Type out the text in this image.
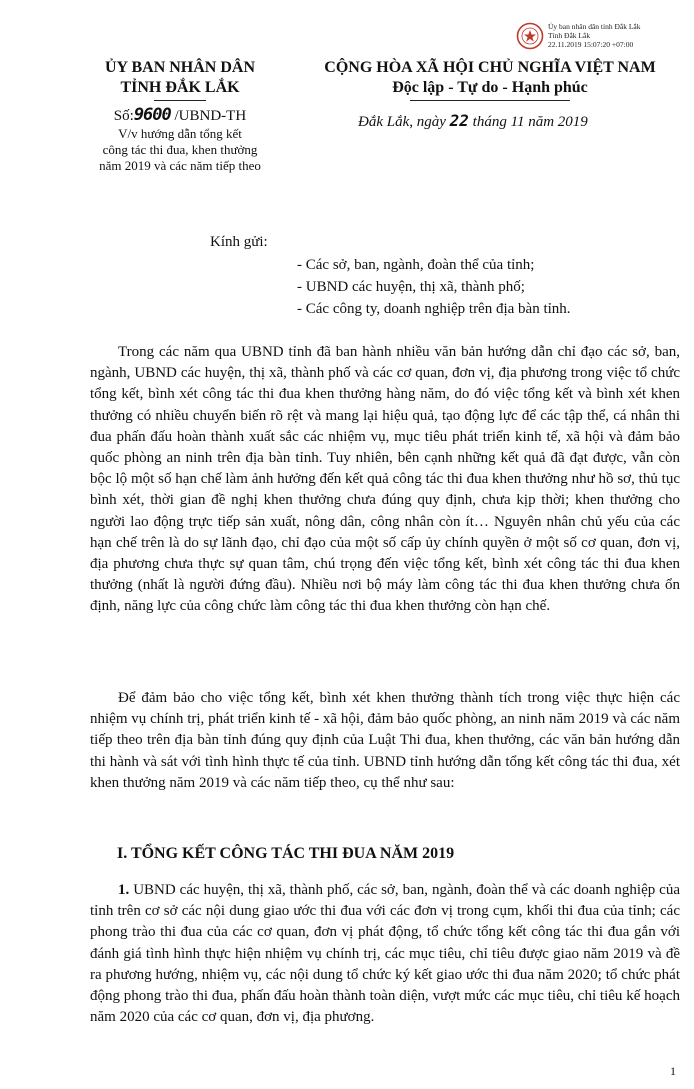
Ủy ban nhân dân tỉnh Đắk Lắk
Tỉnh Đắk Lắk
22.11.2019 15:07:20 +07:00
ỦY BAN NHÂN DÂN
TỈNH ĐẮK LẮK
Số:9600 /UBND-TH
V/v hướng dẫn tổng kết
công tác thi đua, khen thưởng
năm 2019 và các năm tiếp theo
CỘNG HÒA XÃ HỘI CHỦ NGHĨA VIỆT NAM
Độc lập - Tự do - Hạnh phúc
Đắk Lắk, ngày 22 tháng 11 năm 2019
Kính gửi:
- Các sở, ban, ngành, đoàn thể của tỉnh;
- UBND các huyện, thị xã, thành phố;
- Các công ty, doanh nghiệp trên địa bàn tỉnh.
Trong các năm qua UBND tỉnh đã ban hành nhiều văn bản hướng dẫn chỉ đạo các sở, ban, ngành, UBND các huyện, thị xã, thành phố và các cơ quan, đơn vị, địa phương trong việc tổ chức tổng kết, bình xét công tác thi đua khen thưởng hàng năm, do đó việc tổng kết và bình xét khen thưởng có nhiều chuyển biến rõ rệt và mang lại hiệu quả, tạo động lực để các tập thể, cá nhân thi đua phấn đấu hoàn thành xuất sắc các nhiệm vụ, mục tiêu phát triển kinh tế, xã hội và đảm bảo quốc phòng an ninh trên địa bàn tỉnh. Tuy nhiên, bên cạnh những kết quả đã đạt được, vẫn còn bộc lộ một số hạn chế làm ảnh hưởng đến kết quả công tác thi đua khen thưởng như hồ sơ, thủ tục bình xét, thời gian đề nghị khen thưởng chưa đúng quy định, chưa kịp thời; khen thưởng cho người lao động trực tiếp sản xuất, nông dân, công nhân còn ít… Nguyên nhân chủ yếu của các hạn chế trên là do sự lãnh đạo, chỉ đạo của một số cấp ủy chính quyền ở một số cơ quan, đơn vị, địa phương chưa thực sự quan tâm, chú trọng đến việc tổng kết, bình xét công tác thi đua khen thưởng (nhất là người đứng đầu). Nhiều nơi bộ máy làm công tác thi đua khen thưởng chưa ổn định, năng lực của công chức làm công tác thi đua khen thưởng còn hạn chế.
Để đảm bảo cho việc tổng kết, bình xét khen thưởng thành tích trong việc thực hiện các nhiệm vụ chính trị, phát triển kinh tế - xã hội, đảm bảo quốc phòng, an ninh năm 2019 và các năm tiếp theo trên địa bàn tỉnh đúng quy định của Luật Thi đua, khen thưởng, các văn bản hướng dẫn thi hành và sát với tình hình thực tế của tỉnh. UBND tỉnh hướng dẫn tổng kết công tác thi đua, xét khen thưởng năm 2019 và các năm tiếp theo, cụ thể như sau:
I. TỔNG KẾT CÔNG TÁC THI ĐUA NĂM 2019
1. UBND các huyện, thị xã, thành phố, các sở, ban, ngành, đoàn thể và các doanh nghiệp của tỉnh trên cơ sở các nội dung giao ước thi đua với các đơn vị trong cụm, khối thi đua của tỉnh; các phong trào thi đua của các cơ quan, đơn vị phát động, tổ chức tổng kết công tác thi đua gắn với đánh giá tình hình thực hiện nhiệm vụ chính trị, các mục tiêu, chỉ tiêu được giao năm 2019 và đề ra phương hướng, nhiệm vụ, các nội dung tổ chức ký kết giao ước thi đua năm 2020; tổ chức phát động phong trào thi đua, phấn đấu hoàn thành toàn diện, vượt mức các mục tiêu, chỉ tiêu kế hoạch năm 2020 của các cơ quan, đơn vị, địa phương.
1
